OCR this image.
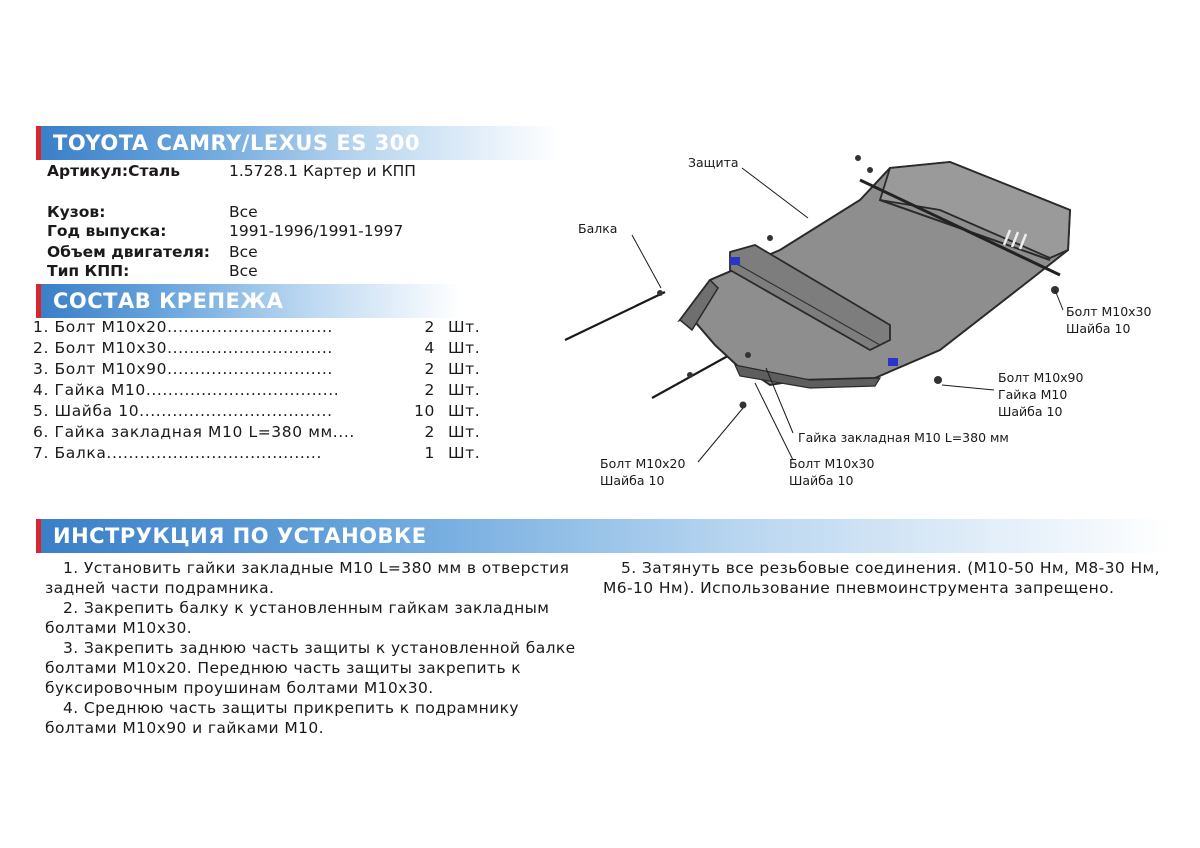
TOYOTA CAMRY/LEXUS ES 300
Артикул:Сталь	1.5728.1 Картер и КПП
Кузов:	Все
Год выпуска:	1991-1996/1991-1997
Объем двигателя: Все
Тип КПП:	Все
СОСТАВ КРЕПЕЖА
1. Болт М10х20..............................	2 Шт.
2. Болт М10х30..............................	4 Шт.
3. Болт М10х90..............................	2 Шт.
4. Гайка М10...................................	2 Шт.
5. Шайба 10...................................	10 Шт.
6. Гайка закладная М10 L=380 мм....	2 Шт.
7. Балка.......................................	1 Шт.
Защита
Балка
Болт М10х30
Шайба 10
Болт М10х90
Гайка М10
Шайба 10
Гайка закладная М10 L=380 мм
Болт М10х20
Шайба 10
Болт М10х30
Шайба 10
ИНСТРУКЦИЯ ПО УСТАНОВКЕ

1. Установить гайки закладные М10 L=380 мм в отверстия задней части подрамника.

2. Закрепить балку к установленным гайкам закладным болтами М10х30.

3. Закрепить заднюю часть защиты к установленной балке болтами М10х20. Переднюю часть защиты закрепить к буксировочным проушинам болтами М10х30.

4. Среднюю часть защиты прикрепить к подрамнику болтами М10х90 и гайками М10.

5. Затянуть все резьбовые соединения. (М10-50 Нм, М8-30 Нм, М6-10 Нм). Использование пневмоинструмента запрещено.
